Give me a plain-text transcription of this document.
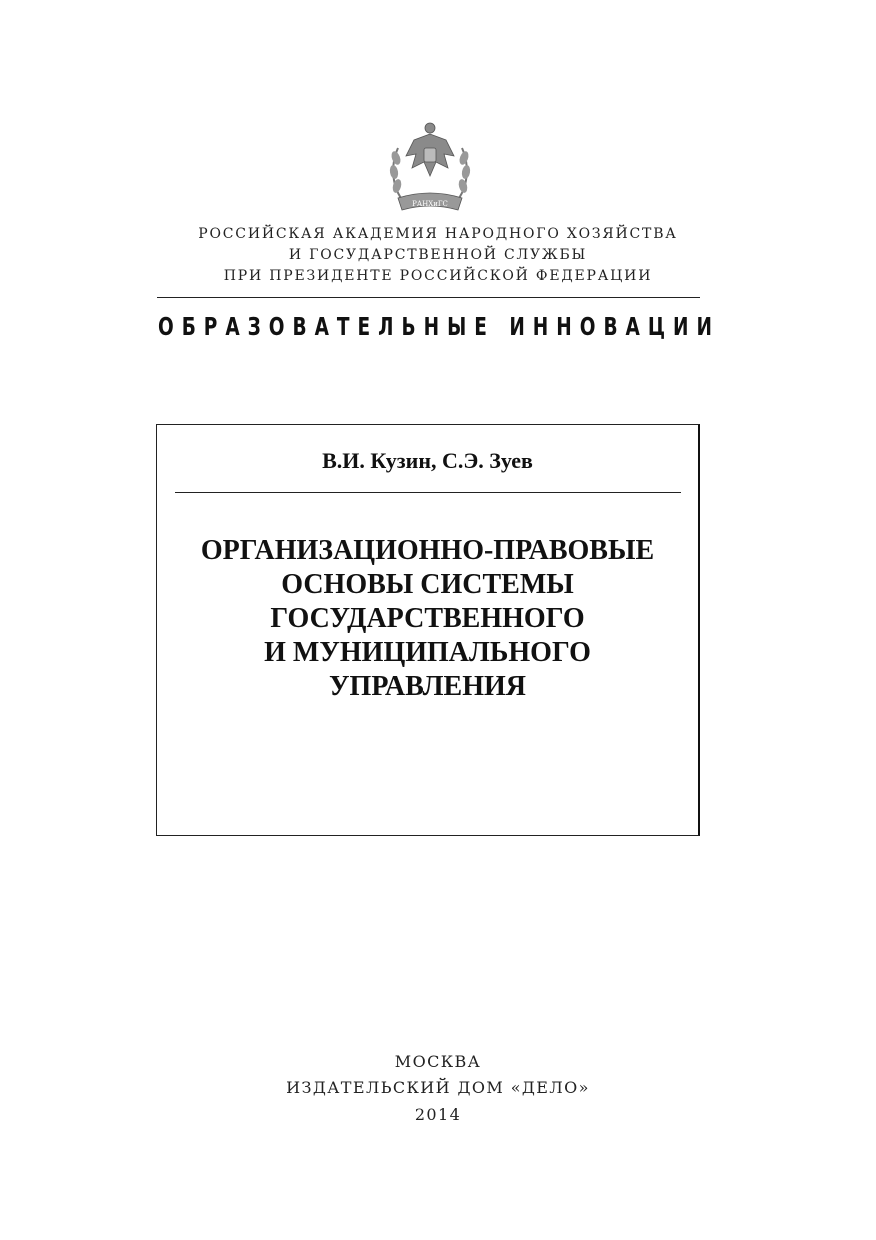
РАНХиГС
РОССИЙСКАЯ АКАДЕМИЯ НАРОДНОГО ХОЗЯЙСТВА
И ГОСУДАРСТВЕННОЙ СЛУЖБЫ
ПРИ ПРЕЗИДЕНТЕ РОССИЙСКОЙ ФЕДЕРАЦИИ
ОБРАЗОВАТЕЛЬНЫЕ ИННОВАЦИИ
В.И. Кузин, С.Э. Зуев
ОРГАНИЗАЦИОННО-ПРАВОВЫЕ
ОСНОВЫ СИСТЕМЫ
ГОСУДАРСТВЕННОГО
И МУНИЦИПАЛЬНОГО
УПРАВЛЕНИЯ
МОСКВА
ИЗДАТЕЛЬСКИЙ ДОМ «ДЕЛО»
2014
